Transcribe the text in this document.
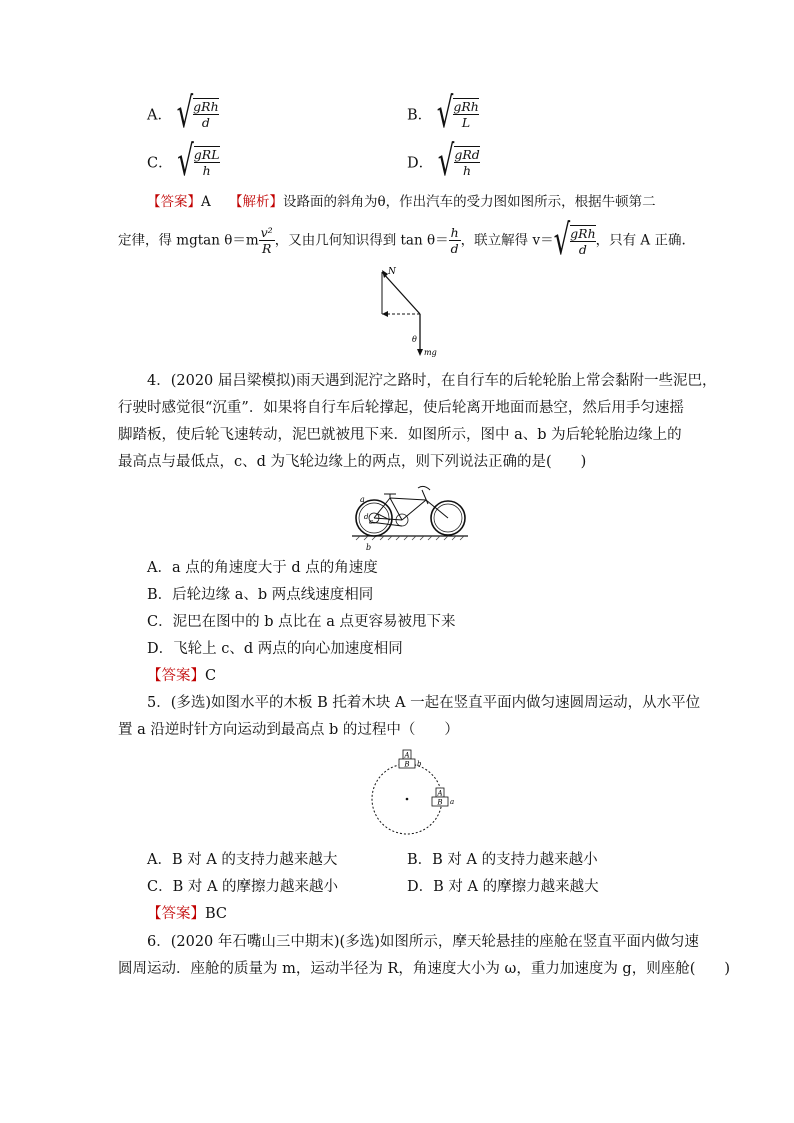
A． √ $\frac{\text{gRh}}{d}$	B． √ $\frac{\text{gRh}}{L}$
C． √ $\frac{\text{gRL}}{h}$	D． √ $\frac{\text{gRd}}{h}$
【答案】A 【解析】设路面的斜角为θ，作出汽车的受力图如图所示，根据牛顿第二
定律，得 mgtan θ＝m
v²
R ，又由几何知识得到 tan θ＝
h
d ，联立解得 $v=√ \frac{\text{gRh}}{d}$ ，只有 A 正确.
N
θ
mg
4．(2020 届吕梁模拟)雨天遇到泥泞之路时，在自行车的后轮轮胎上常会黏附一些泥巴，
行驶时感觉很“沉重”．如果将自行车后轮撑起，使后轮离开地面而悬空，然后用手匀速摇
脚踏板，使后轮飞速转动，泥巴就被甩下来．如图所示，图中 a、b 为后轮轮胎边缘上的
最高点与最低点，c、d 为飞轮边缘上的两点，则下列说法正确的是(　　)
a
b
c
d
A．a 点的角速度大于 d 点的角速度
B．后轮边缘 a、b 两点线速度相同
C．泥巴在图中的 b 点比在 a 点更容易被甩下来
D．飞轮上 c、d 两点的向心加速度相同
【答案】C
5．(多选)如图水平的木板 B 托着木块 A 一起在竖直平面内做匀速圆周运动，从水平位
置 a 沿逆时针方向运动到最高点 b 的过程中（　　）
A
B b
A
B a
A．B 对 A 的支持力越来越大	B．B 对 A 的支持力越来越小
C．B 对 A 的摩擦力越来越小	D．B 对 A 的摩擦力越来越大
【答案】BC
6．(2020 年石嘴山三中期末)(多选)如图所示，摩天轮悬挂的座舱在竖直平面内做匀速
圆周运动．座舱的质量为 m，运动半径为 R，角速度大小为 ω，重力加速度为 g，则座舱(　　)
